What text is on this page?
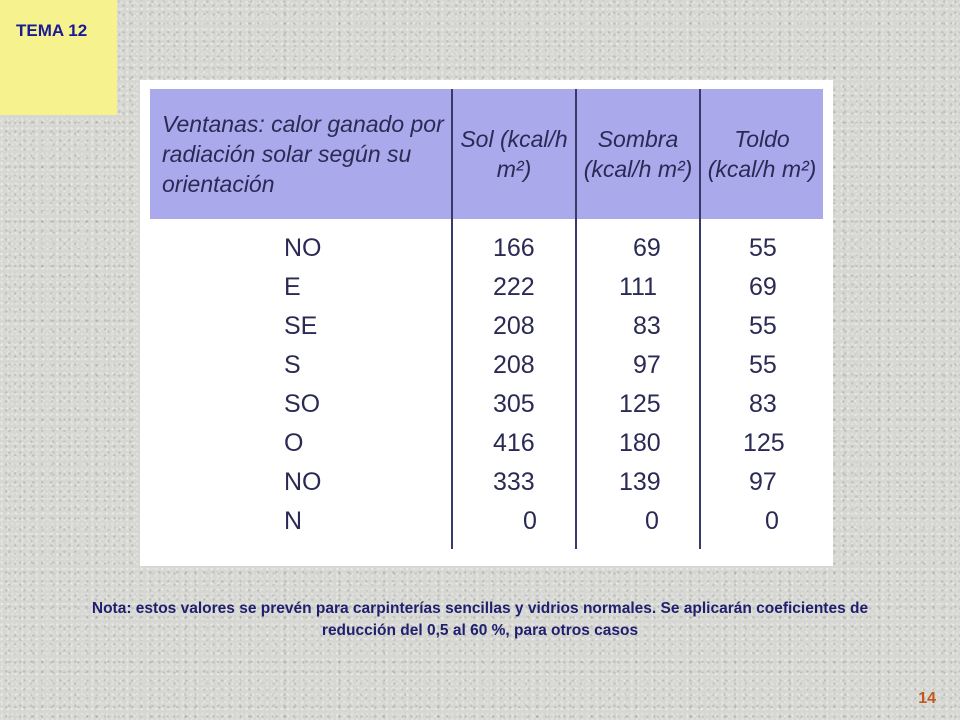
TEMA 12
Ventanas: calor ganado por radiación solar según su orientación	Sol (kcal/h m²)	Sombra (kcal/h m²)	Toldo (kcal/h m²)
NO	166	69	55
E	222	111	69
SE	208	83	55
S	208	97	55
SO	305	125	83
O	416	180	125
NO	333	139	97
N	0	0	0
Nota: estos valores se prevén para carpinterías sencillas y vidrios normales. Se aplicarán coeficientes de reducción del 0,5 al 60 %, para otros casos
14
